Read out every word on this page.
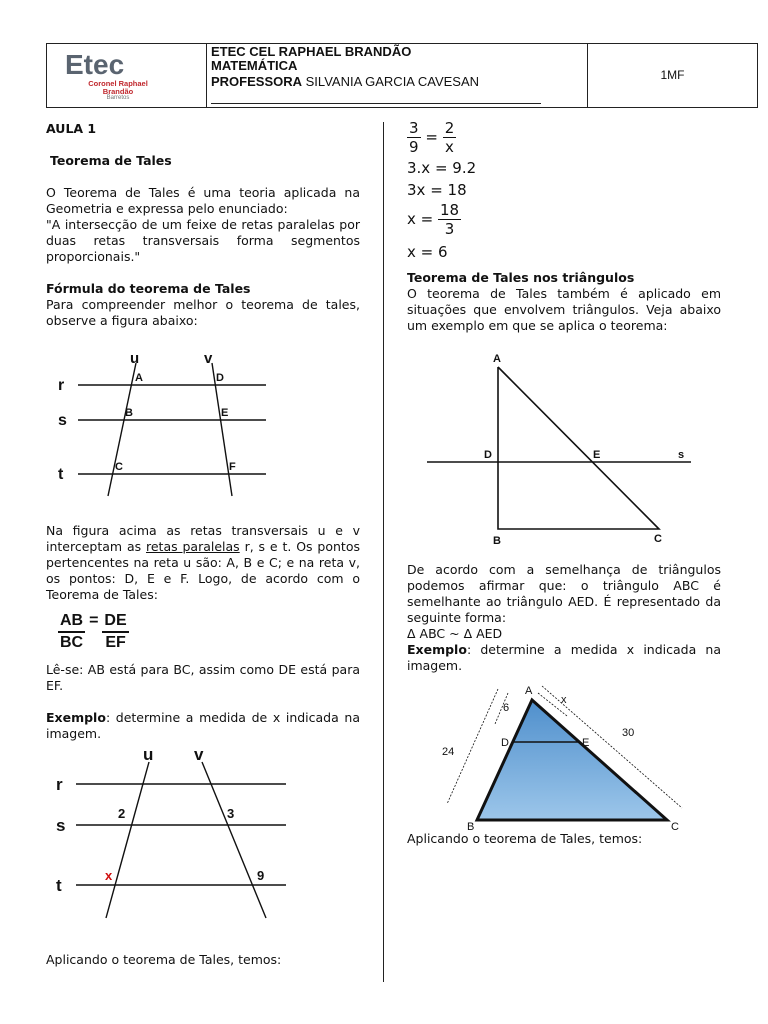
Etec
Coronel Raphael
Brandão
Barretos
ETEC CEL RAPHAEL BRANDÃO
MATEMÁTICA
PROFESSORA SILVANIA GARCIA CAVESAN	1MF

AULA 1

Teorema de Tales

O Teorema de Tales é uma teoria aplicada na Geometria e expressa pelo enunciado:

"A intersecção de um feixe de retas paralelas por duas retas transversais forma segmentos proporcionais."

Fórmula do teorema de Tales

Para compreender melhor o teorema de tales, observe a figura abaixo:

r
s
t
u	v
A
B
C
D
E
F

Na figura acima as retas transversais u e v interceptam as retas paralelas r, s e t. Os pontos pertencentes na reta u são: A, B e C; e na reta v, os pontos: D, E e F. Logo, de acordo com o Teorema de Tales:

$\frac{AB}{BC} = \frac{DE}{EF}$

Lê-se: AB está para BC, assim como DE está para EF.

Exemplo: determine a medida de x indicada na imagem.

r
s
t
u v
2	3
x	9

Aplicando o teorema de Tales, temos:

$\frac{3}{9} = \frac{2}{x}$

3.x = 9.2

3x = 18

$x = \frac{18}{3}$

x = 6

Teorema de Tales nos triângulos

O teorema de Tales também é aplicado em situações que envolvem triângulos. Veja abaixo um exemplo em que se aplica o teorema:

A
D	E	s
B	C

De acordo com a semelhança de triângulos podemos afirmar que: o triângulo ABC é semelhante ao triângulo AED. É representado da seguinte forma:

Δ ABC ~ Δ AED

Exemplo: determine a medida x indicada na imagem.

A
B	C
D	E
6
x
24
30

Aplicando o teorema de Tales, temos:
